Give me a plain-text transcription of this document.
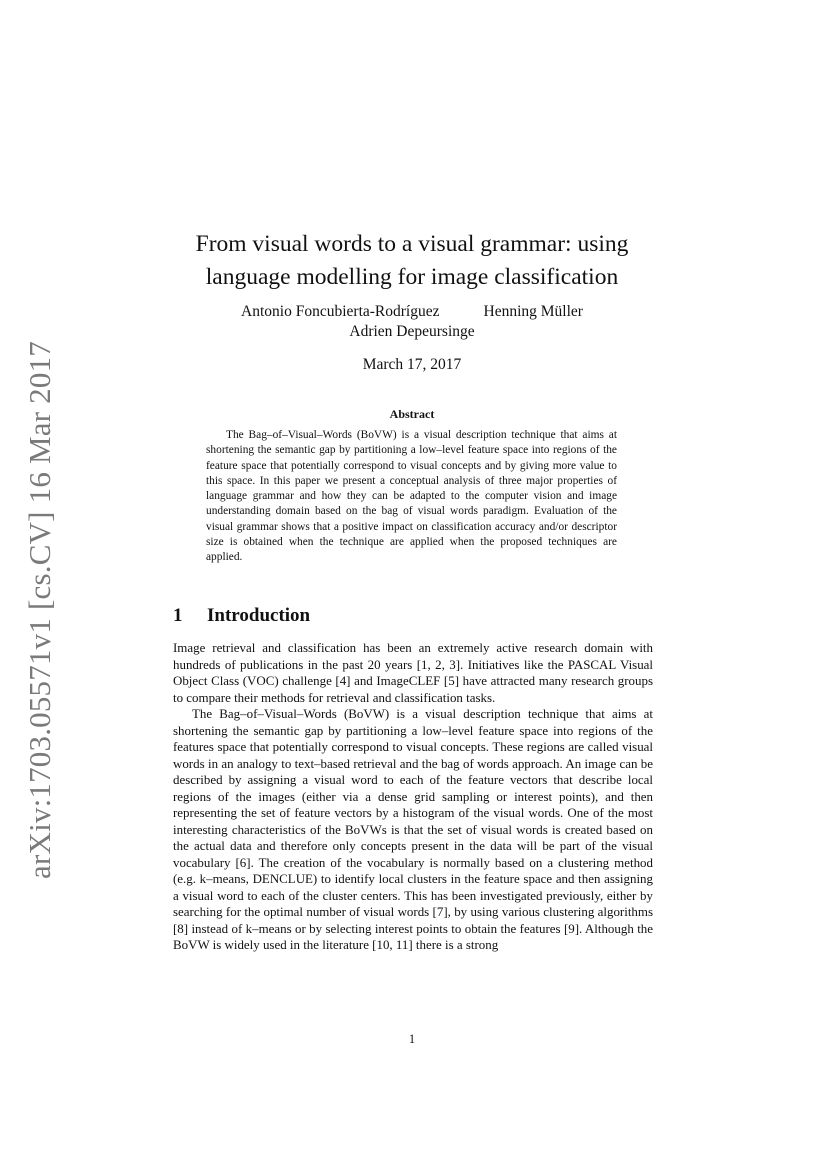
arXiv:1703.05571v1 [cs.CV] 16 Mar 2017
From visual words to a visual grammar: using
language modelling for image classification
Antonio Foncubierta-Rodríguez	Henning Müller
Adrien Depeursinge
March 17, 2017
Abstract
The Bag–of–Visual–Words (BoVW) is a visual description technique that aims at shortening the semantic gap by partitioning a low–level feature space into regions of the feature space that potentially correspond to visual concepts and by giving more value to this space. In this paper we present a conceptual analysis of three major properties of language grammar and how they can be adapted to the computer vision and image understanding domain based on the bag of visual words paradigm. Evaluation of the visual grammar shows that a positive impact on classification accuracy and/or descriptor size is obtained when the technique are applied when the proposed techniques are applied.
1 Introduction

Image retrieval and classification has been an extremely active research domain with hundreds of publications in the past 20 years [1, 2, 3]. Initiatives like the PASCAL Visual Object Class (VOC) challenge [4] and ImageCLEF [5] have attracted many research groups to compare their methods for retrieval and classification tasks.

The Bag–of–Visual–Words (BoVW) is a visual description technique that aims at shortening the semantic gap by partitioning a low–level feature space into regions of the features space that potentially correspond to visual concepts. These regions are called visual words in an analogy to text–based retrieval and the bag of words approach. An image can be described by assigning a visual word to each of the feature vectors that describe local regions of the images (either via a dense grid sampling or interest points), and then representing the set of feature vectors by a histogram of the visual words. One of the most interesting characteristics of the BoVWs is that the set of visual words is created based on the actual data and therefore only concepts present in the data will be part of the visual vocabulary [6]. The creation of the vocabulary is normally based on a clustering method (e.g. k–means, DENCLUE) to identify local clusters in the feature space and then assigning a visual word to each of the cluster centers. This has been investigated previously, either by searching for the optimal number of visual words [7], by using various clustering algorithms [8] instead of k–means or by selecting interest points to obtain the features [9]. Although the BoVW is widely used in the literature [10, 11] there is a strong

1
